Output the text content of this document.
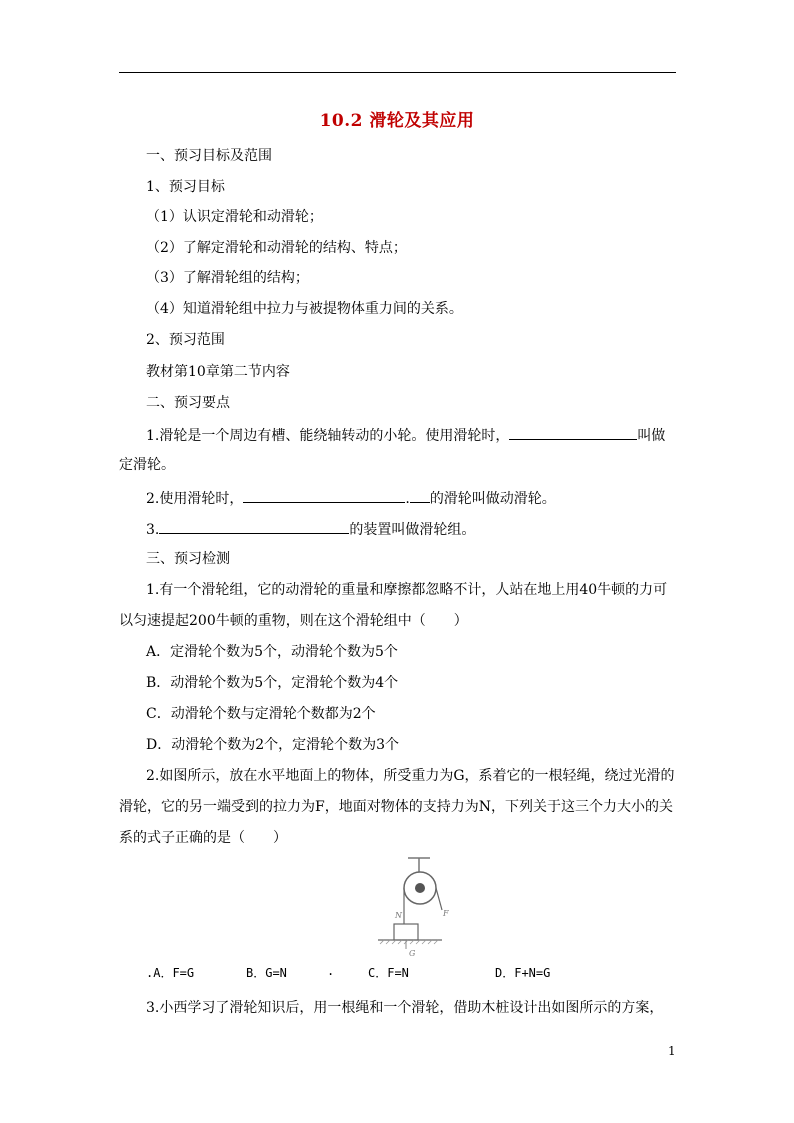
10.2 滑轮及其应用
一、预习目标及范围
1、预习目标
（1）认识定滑轮和动滑轮；
（2）了解定滑轮和动滑轮的结构、特点；
（3）了解滑轮组的结构；
（4）知道滑轮组中拉力与被提物体重力间的关系。
2、预习范围
教材第10章第二节内容
二、预习要点
1.滑轮是一个周边有槽、能绕轴转动的小轮。使用滑轮时，	叫做
定滑轮。
2.使用滑轮时，	. 的滑轮叫做动滑轮。
3.	的装置叫做滑轮组。
三、预习检测
1.有一个滑轮组，它的动滑轮的重量和摩擦都忽略不计，人站在地上用40牛顿的力可
以匀速提起200牛顿的重物，则在这个滑轮组中（　　）
A．定滑轮个数为5个，动滑轮个数为5个
B．动滑轮个数为5个，定滑轮个数为4个
C．动滑轮个数与定滑轮个数都为2个
D．动滑轮个数为2个，定滑轮个数为3个
2.如图所示，放在水平地面上的物体，所受重力为G，系着它的一根轻绳，绕过光滑的
滑轮，它的另一端受到的拉力为F，地面对物体的支持力为N，下列关于这三个力大小的关
系的式子正确的是（　　）
F
N
G
.A．F=G	B．G=N	.	C．F=N	D．F+N=G
3.小西学习了滑轮知识后，用一根绳和一个滑轮，借助木桩设计出如图所示的方案，
1
